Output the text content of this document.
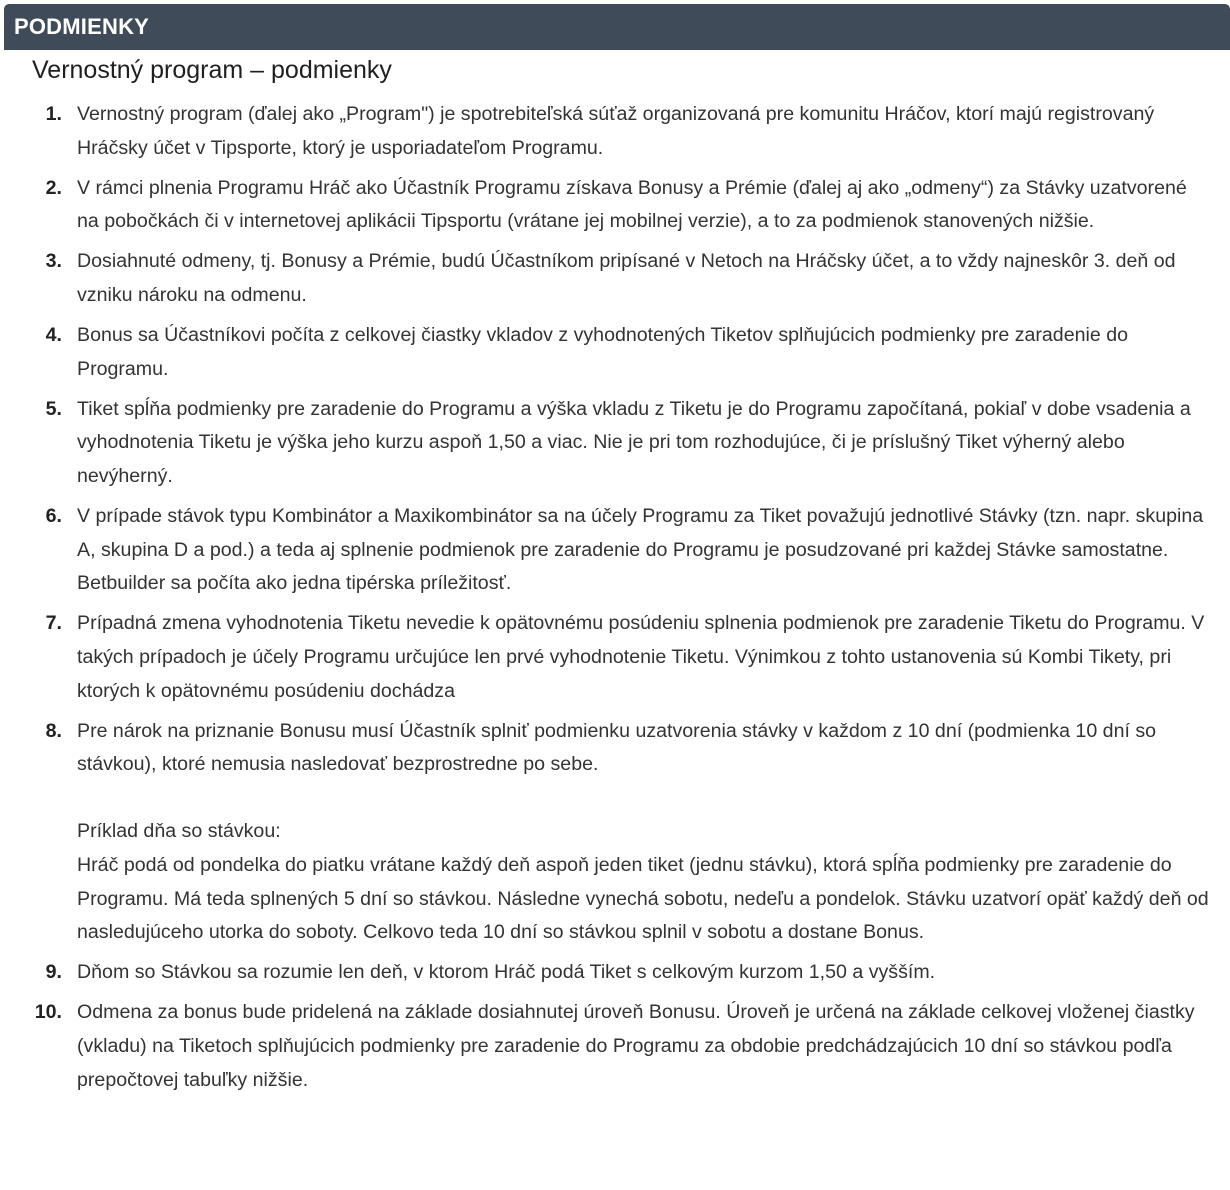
PODMIENKY
Vernostný program – podmienky
1. Vernostný program (ďalej ako „Program") je spotrebiteľská súťaž organizovaná pre komunitu Hráčov, ktorí majú registrovaný Hráčsky účet v Tipsporte, ktorý je usporiadateľom Programu.
2. V rámci plnenia Programu Hráč ako Účastník Programu získava Bonusy a Prémie (ďalej aj ako „odmeny“) za Stávky uzatvorené na pobočkách či v internetovej aplikácii Tipsportu (vrátane jej mobilnej verzie), a to za podmienok stanovených nižšie.
3. Dosiahnuté odmeny, tj. Bonusy a Prémie, budú Účastníkom pripísané v Netoch na Hráčsky účet, a to vždy najneskôr 3. deň od vzniku nároku na odmenu.
4. Bonus sa Účastníkovi počíta z celkovej čiastky vkladov z vyhodnotených Tiketov splňujúcich podmienky pre zaradenie do Programu.
5. Tiket spĺňa podmienky pre zaradenie do Programu a výška vkladu z Tiketu je do Programu započítaná, pokiaľ v dobe vsadenia a vyhodnotenia Tiketu je výška jeho kurzu aspoň 1,50 a viac. Nie je pri tom rozhodujúce, či je príslušný Tiket výherný alebo nevýherný.
6. V prípade stávok typu Kombinátor a Maxikombinátor sa na účely Programu za Tiket považujú jednotlivé Stávky (tzn. napr. skupina A, skupina D a pod.) a teda aj splnenie podmienok pre zaradenie do Programu je posudzované pri každej Stávke samostatne. Betbuilder sa počíta ako jedna tipérska príležitosť.
7. Prípadná zmena vyhodnotenia Tiketu nevedie k opätovnému posúdeniu splnenia podmienok pre zaradenie Tiketu do Programu. V takých prípadoch je účely Programu určujúce len prvé vyhodnotenie Tiketu. Výnimkou z tohto ustanovenia sú Kombi Tikety, pri ktorých k opätovnému posúdeniu dochádza
8. Pre nárok na priznanie Bonusu musí Účastník splniť podmienku uzatvorenia stávky v každom z 10 dní (podmienka 10 dní so stávkou), ktoré nemusia nasledovať bezprostredne po sebe.
Príklad dňa so stávkou:
Hráč podá od pondelka do piatku vrátane každý deň aspoň jeden tiket (jednu stávku), ktorá spĺňa podmienky pre zaradenie do Programu. Má teda splnených 5 dní so stávkou. Následne vynechá sobotu, nedeľu a pondelok. Stávku uzatvorí opäť každý deň od nasledujúceho utorka do soboty. Celkovo teda 10 dní so stávkou splnil v sobotu a dostane Bonus.
9. Dňom so Stávkou sa rozumie len deň, v ktorom Hráč podá Tiket s celkovým kurzom 1,50 a vyšším.
10. Odmena za bonus bude pridelená na základe dosiahnutej úroveň Bonusu. Úroveň je určená na základe celkovej vloženej čiastky (vkladu) na Tiketoch splňujúcich podmienky pre zaradenie do Programu za obdobie predchádzajúcich 10 dní so stávkou podľa prepočtovej tabuľky nižšie.
